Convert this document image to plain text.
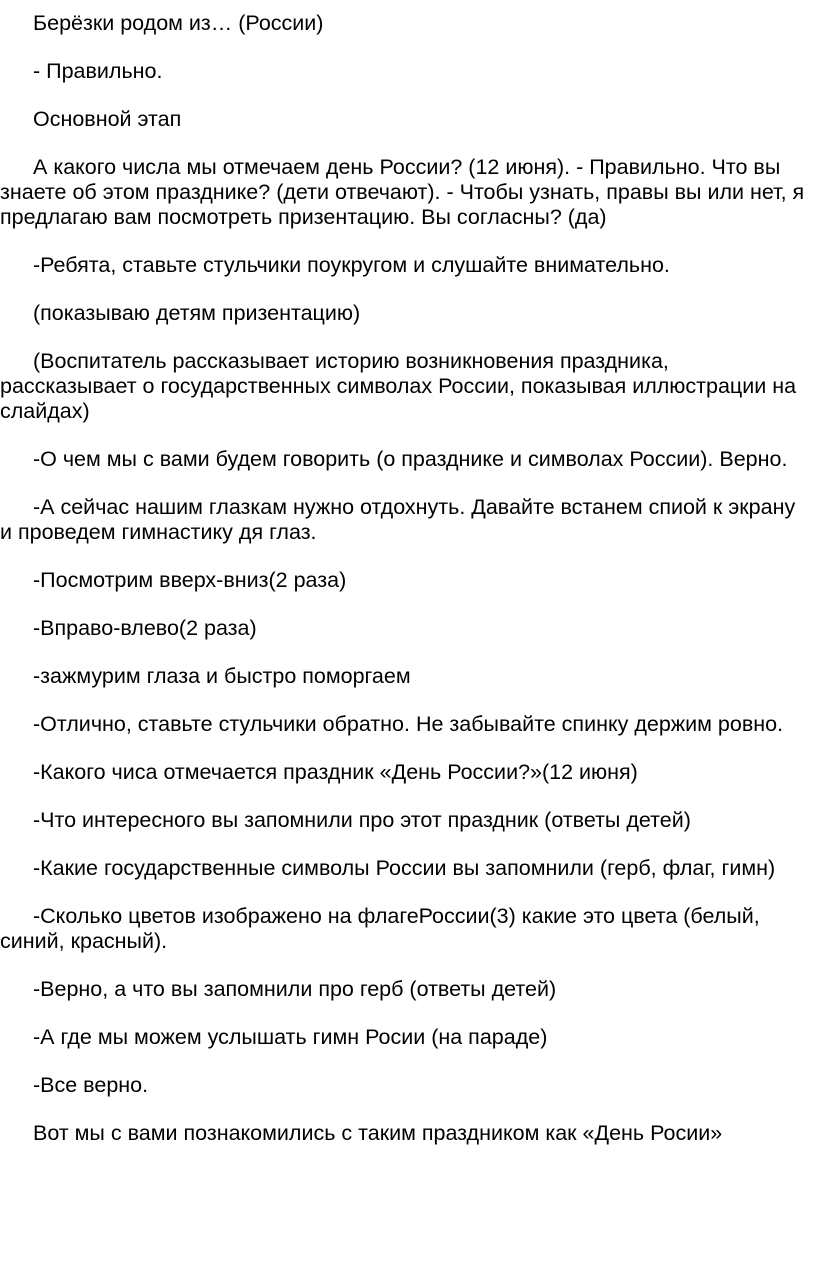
Берёзки родом из… (России)

- Правильно.

Основной этап

А какого числа мы отмечаем день России? (12 июня). - Правильно. Что вы знаете об этом празднике? (дети отвечают). - Чтобы узнать, правы вы или нет, я предлагаю вам посмотреть призентацию. Вы согласны? (да)

-Ребята, ставьте стульчики поукругом и слушайте внимательно.

(показываю детям призентацию)

(Воспитатель рассказывает историю возникновения праздника, рассказывает о государственных символах России, показывая иллюстрации на слайдах)

-О чем мы с вами будем говорить (о празднике и символах России). Верно.

-А сейчас нашим глазкам нужно отдохнуть. Давайте встанем спиой к экрану и проведем гимнастику дя глаз.

-Посмотрим вверх-вниз(2 раза)

-Вправо-влево(2 раза)

-зажмурим глаза и быстро поморгаем

-Отлично, ставьте стульчики обратно. Не забывайте спинку держим ровно.

-Какого чиса отмечается праздник «День России?»(12 июня)

-Что интересного вы запомнили про этот праздник (ответы детей)

-Какие государственные символы России вы запомнили (герб, флаг, гимн)

-Сколько цветов изображено на флагеРоссии(3) какие это цвета (белый, синий, красный).

-Верно, а что вы запомнили про герб (ответы детей)

-А где мы можем услышать гимн Росии (на параде)

-Все верно.

Вот мы с вами познакомились с таким праздником как «День Росии»
